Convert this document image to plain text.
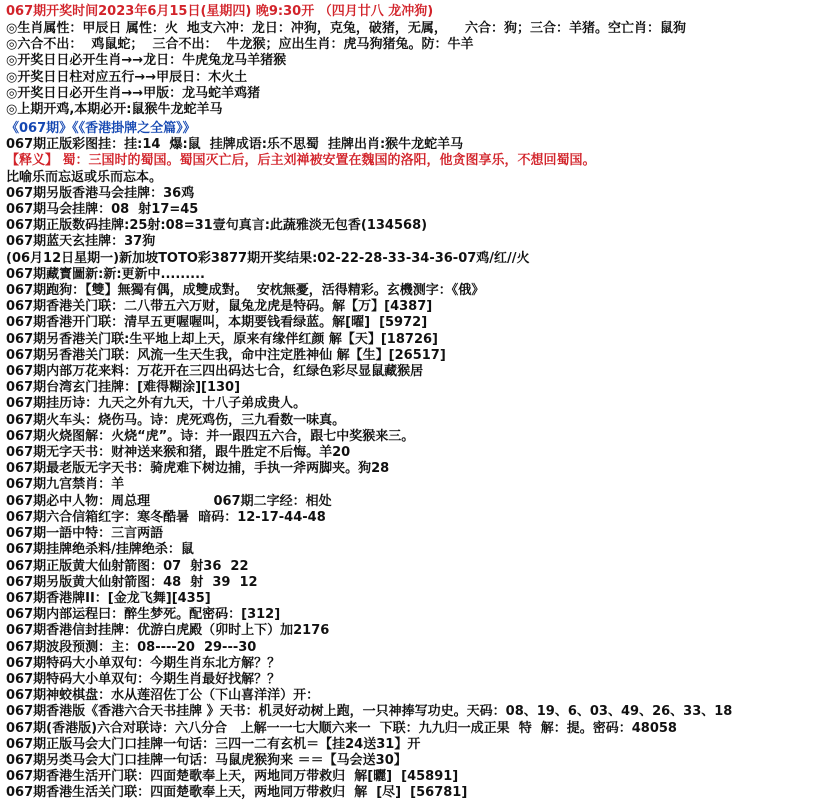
067期开奖时间2023年6月15日(星期四) 晚9:30开 （四月廿八 龙冲狗)
◎生肖属性：甲辰日 属性：火  地支六冲：龙日：冲狗，克兔，破猪，无属，    六合：狗；三合：羊猪。空亡肖：鼠狗
◎六合不出：  鸡鼠蛇；  三合不出：  牛龙猴；应出生肖：虎马狗猪兔。防：牛羊
◎开奖日日必开生肖→→龙日：牛虎兔龙马羊猪猴
◎开奖日日柱对应五行→→甲辰日：木火土
◎开奖日日必开生肖→→甲版：龙马蛇羊鸡猪
◎上期开鸡,本期必开:鼠猴牛龙蛇羊马
《067期》《《香港掛牌之全篇》》
067期正版彩图挂：挂:14  爆:鼠  挂牌成语:乐不思蜀  挂牌出肖:猴牛龙蛇羊马
【释义】 蜀：三国时的蜀国。蜀国灭亡后，后主刘禅被安置在魏国的洛阳，他贪图享乐，不想回蜀国。
比喻乐而忘返或乐而忘本。
067期另版香港马会挂牌：36鸡
067期马会挂牌：08  射17=45
067期正版数码挂牌:25射:08=31壹句真言:此蔬雅淡无包香(134568)
067期蓝天玄挂牌：37狗
(06月12日星期一)新加坡TOTO彩3877期开奖结果:02-22-28-33-34-36-07鸡/红//火
067期藏寳圖新:新:更新中.........
067期跑狗：【雙】無獨有偶，成雙成對。  安枕無憂，活得精彩。玄機测字：《俄》
067期香港关门联：二八带五六万财，鼠兔龙虎是特码。解【万】[4387]
067期香港开门联：清早五更喔喔叫，本期要钱看绿蓝。解[曜]  [5972]
067期另香港关门联:生平地上却上天，原来有缘伴红颜 解【天】[18726]
067期另香港关门联：风流一生天生我，命中注定胜神仙 解【生】[26517]
067期内部万花来料：万花开在三四出码达七合，红绿色彩尽显鼠藏猴居
067期台湾玄门挂牌：[难得糊涂][130]
067期挂历诗：九天之外有九天，十八子弟成贵人。
067期火车头：烧伤马。诗：虎死鸡伤，三九看数一味真。
067期火烧图解：火烧“虎”。诗：并一跟四五六合，跟七中奖猴来三。
067期无字天书：财神送来猴和猪，跟牛胜定不后悔。羊20
067期最老版无字天书：骑虎难下树边捕，手执一斧两脚夹。狗28
067期九宫禁肖：羊
067期必中人物：周总理              067期二字经：相处
067期六合信箱红字：寒冬酷暑  暗码：12-17-44-48
067期一語中特：三言两語
067期挂牌绝杀料/挂牌绝杀：鼠
067期正版黄大仙射箭图：07  射36  22
067期另版黄大仙射箭图：48  射  39  12
067期香港牌II：[金龙飞舞][435]
067期内部运程曰：醉生梦死。配密码：[312]
067期香港信封挂牌：优游白虎殿（卯时上下）加2176
067期波段预测：主：08----20  29---30
067期特码大小单双句：今期生肖东北方解？？
067期特码大小单双句：今期生肖最好找解？？
067期神蛟棋盘：水从莲沼佐丁公（下山喜洋洋）开：
067期香港版《香港六合天书挂牌 》天书：机灵好动树上跑，一只神捧写功史。天码：08、19、6、03、49、26、33、18
067期(香港版)六合对联诗：六八分合   上解一一七大顺六来一  下联：九九归一成正果  特  解：提。密码：48058
067期正版马会大门口挂牌一句话：三四一二有玄机＝【挂24送31】开
067期另类马会大门口挂牌一句话：马鼠虎猴狗来 ＝＝【马会送30】
067期香港生活开门联：四面楚歌奉上天，两地同万带救归  解[曬]  [45891]
067期香港生活关门联：四面楚歌奉上天，两地同万带救归  解  [尽]  [56781]
